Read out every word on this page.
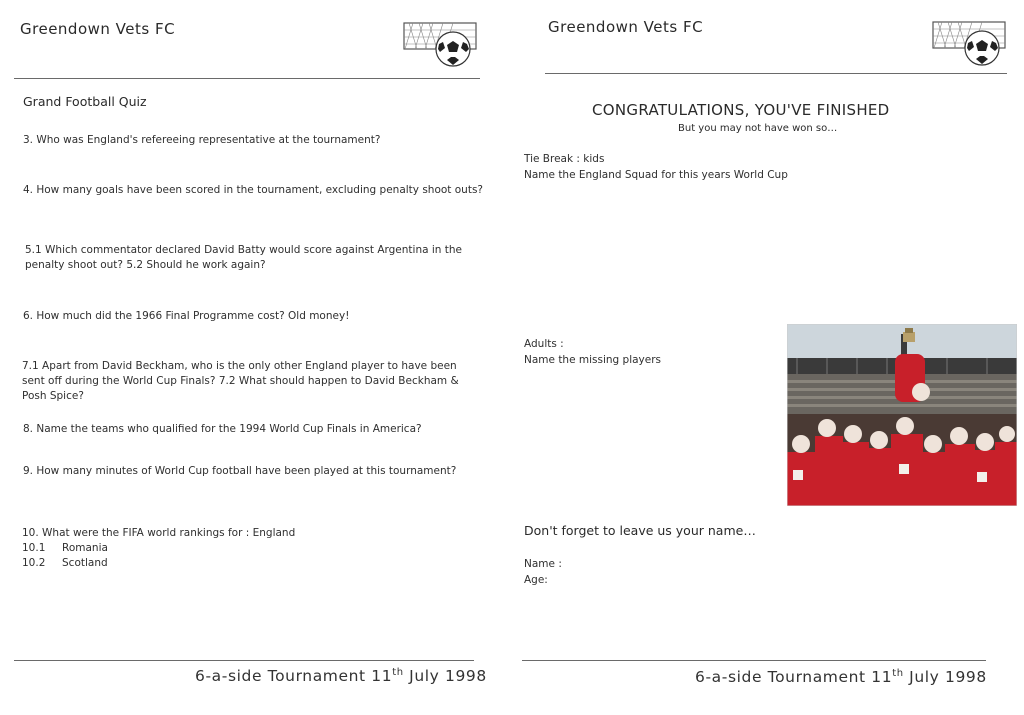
Greendown Vets FC
Grand Football Quiz
3. Who was England's refereeing representative at the tournament?
4. How many goals have been scored in the tournament, excluding penalty shoot outs?
5.1 Which commentator declared David Batty would score against Argentina in the penalty shoot out? 5.2 Should he work again?
6. How much did the 1966 Final Programme cost? Old money!
7.1 Apart from David Beckham, who is the only other England player to have been sent off during the World Cup Finals? 7.2 What should happen to David Beckham & Posh Spice?
8. Name the teams who qualified for the 1994 World Cup Finals in America?
9. How many minutes of World Cup football have been played at this tournament?
10. What were the FIFA world rankings for : England
10.1 Romania
10.2 Scotland
6-a-side Tournament 11th July 1998
Greendown Vets FC
CONGRATULATIONS, YOU'VE FINISHED
But you may not have won so…
Tie Break : kids
Name the England Squad for this years World Cup
Adults :
Name the missing players
Don't forget to leave us your name…
Name :
Age:
6-a-side Tournament 11th July 1998
